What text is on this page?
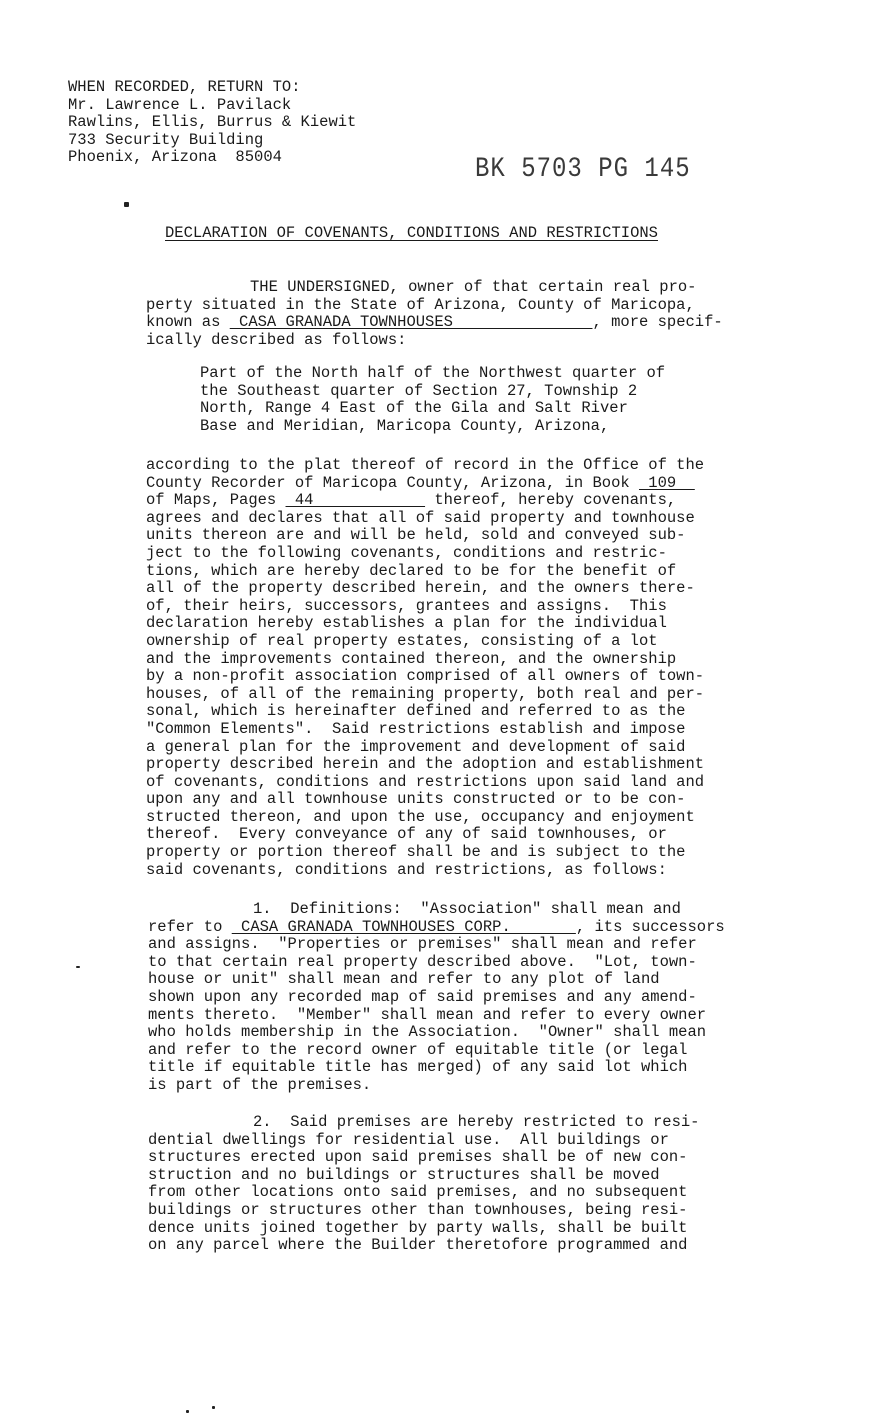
WHEN RECORDED, RETURN TO:
Mr. Lawrence L. Pavilack
Rawlins, Ellis, Burrus & Kiewit
733 Security Building
Phoenix, Arizona  85004	BK 5703 PG 145
DECLARATION OF COVENANTS, CONDITIONS AND RESTRICTIONS
THE UNDERSIGNED, owner of that certain real pro-
perty situated in the State of Arizona, County of Maricopa,
known as  CASA GRANADA TOWNHOUSES               , more specif-
ically described as follows:
Part of the North half of the Northwest quarter of
the Southeast quarter of Section 27, Township 2
North, Range 4 East of the Gila and Salt River
Base and Meridian, Maricopa County, Arizona,
according to the plat thereof of record in the Office of the
County Recorder of Maricopa County, Arizona, in Book  109
of Maps, Pages  44             thereof, hereby covenants,
agrees and declares that all of said property and townhouse
units thereon are and will be held, sold and conveyed sub-
ject to the following covenants, conditions and restric-
tions, which are hereby declared to be for the benefit of
all of the property described herein, and the owners there-
of, their heirs, successors, grantees and assigns.  This
declaration hereby establishes a plan for the individual
ownership of real property estates, consisting of a lot
and the improvements contained thereon, and the ownership
by a non-profit association comprised of all owners of town-
houses, of all of the remaining property, both real and per-
sonal, which is hereinafter defined and referred to as the
"Common Elements".  Said restrictions establish and impose
a general plan for the improvement and development of said
property described herein and the adoption and establishment
of covenants, conditions and restrictions upon said land and
upon any and all townhouse units constructed or to be con-
structed thereon, and upon the use, occupancy and enjoyment
thereof.  Every conveyance of any of said townhouses, or
property or portion thereof shall be and is subject to the
said covenants, conditions and restrictions, as follows:
1.  Definitions:  "Association" shall mean and
refer to  CASA GRANADA TOWNHOUSES CORP.       , its successors
and assigns.  "Properties or premises" shall mean and refer
to that certain real property described above.  "Lot, town-
house or unit" shall mean and refer to any plot of land
shown upon any recorded map of said premises and any amend-
ments thereto.  "Member" shall mean and refer to every owner
who holds membership in the Association.  "Owner" shall mean
and refer to the record owner of equitable title (or legal
title if equitable title has merged) of any said lot which
is part of the premises.
2.  Said premises are hereby restricted to resi-
dential dwellings for residential use.  All buildings or
structures erected upon said premises shall be of new con-
struction and no buildings or structures shall be moved
from other locations onto said premises, and no subsequent
buildings or structures other than townhouses, being resi-
dence units joined together by party walls, shall be built
on any parcel where the Builder theretofore programmed and
